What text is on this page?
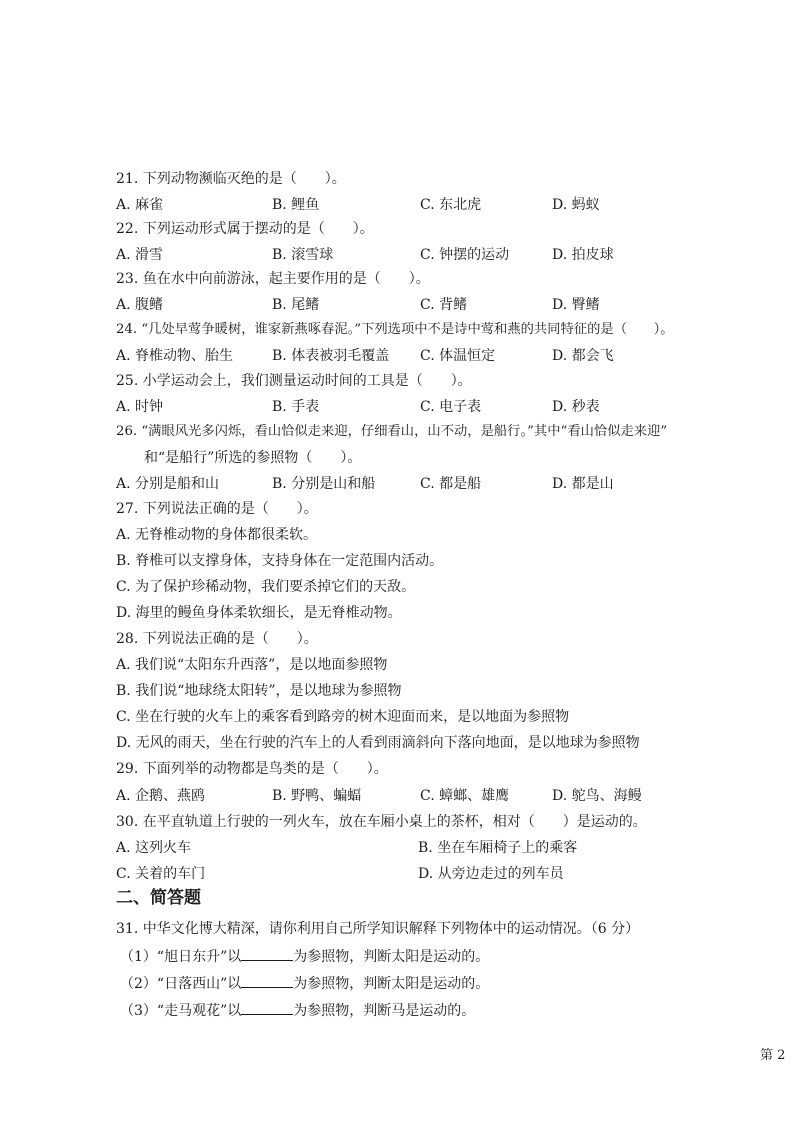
21. 下列动物濒临灭绝的是（　　）。
A. 麻雀	B. 鲤鱼	C. 东北虎	D. 蚂蚁
22. 下列运动形式属于摆动的是（　　）。
A. 滑雪	B. 滚雪球	C. 钟摆的运动	D. 拍皮球
23. 鱼在水中向前游泳，起主要作用的是（　　）。
A. 腹鳍	B. 尾鳍	C. 背鳍	D. 臀鳍
24. “几处早莺争暖树，谁家新燕啄春泥。”下列选项中不是诗中莺和燕的共同特征的是（　　）。
A. 脊椎动物、胎生	B. 体表被羽毛覆盖 C. 体温恒定	D. 都会飞
25. 小学运动会上，我们测量运动时间的工具是（　　）。
A. 时钟	B. 手表	C. 电子表	D. 秒表
26. “满眼风光多闪烁，看山恰似走来迎，仔细看山，山不动，是船行。”其中“看山恰似走来迎”
和“是船行”所选的参照物（　　）。
A. 分别是船和山	B. 分别是山和船	C. 都是船	D. 都是山
27. 下列说法正确的是（　　）。
A. 无脊椎动物的身体都很柔软。
B. 脊椎可以支撑身体，支持身体在一定范围内活动。
C. 为了保护珍稀动物，我们要杀掉它们的天敌。
D. 海里的鳗鱼身体柔软细长，是无脊椎动物。
28. 下列说法正确的是（　　）。
A. 我们说“太阳东升西落”，是以地面参照物
B. 我们说“地球绕太阳转”，是以地球为参照物
C. 坐在行驶的火车上的乘客看到路旁的树木迎面而来，是以地面为参照物
D. 无风的雨天，坐在行驶的汽车上的人看到雨滴斜向下落向地面，是以地球为参照物
29. 下面列举的动物都是鸟类的是（　　）。
A. 企鹅、燕鸥	B. 野鸭、蝙蝠	C. 蟑螂、雄鹰	D. 鸵鸟、海鳗
30. 在平直轨道上行驶的一列火车，放在车厢小桌上的茶杯，相对（　　）是运动的。
A. 这列火车	B. 坐在车厢椅子上的乘客
C. 关着的车门	D. 从旁边走过的列车员
二、简答题
31. 中华文化博大精深，请你利用自己所学知识解释下列物体中的运动情况。（6 分）
（1）“旭日东升”以	为参照物，判断太阳是运动的。
（2）“日落西山”以	为参照物，判断太阳是运动的。
（3）“走马观花”以	为参照物，判断马是运动的。
第 2
